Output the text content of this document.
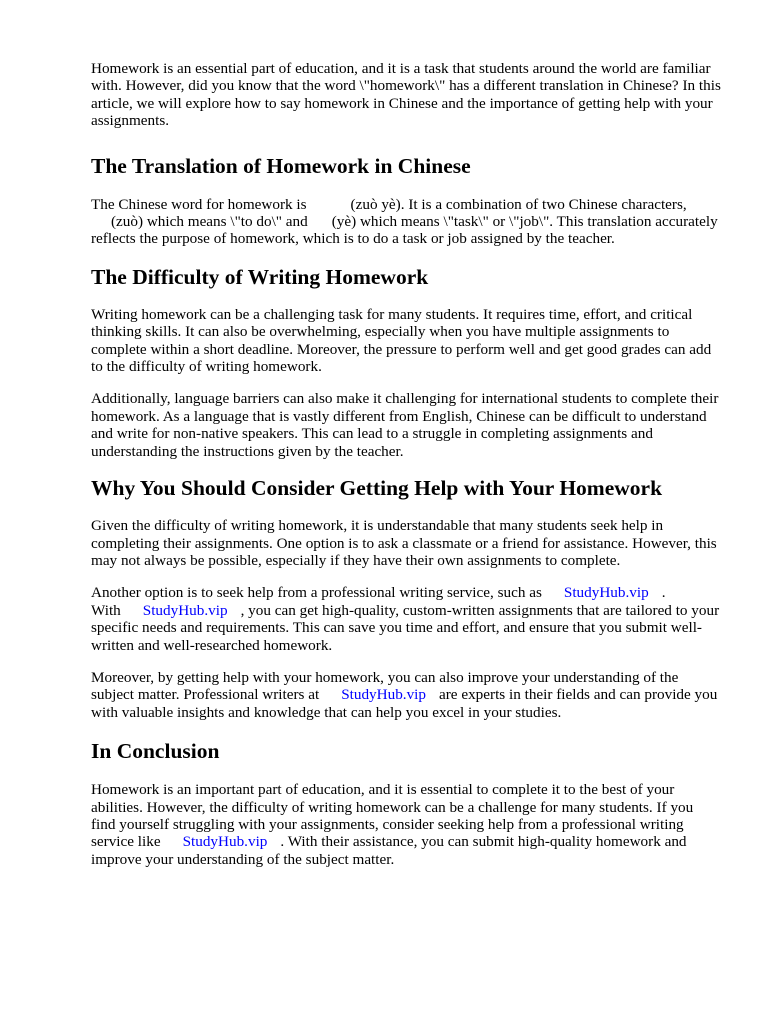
Homework is an essential part of education, and it is a task that students around the world are familiar with. However, did you know that the word \"homework\" has a different translation in Chinese? In this article, we will explore how to say homework in Chinese and the importance of getting help with your assignments.

The Translation of Homework in Chinese

The Chinese word for homework is	(zuò yè). It is a combination of two Chinese characters,
(zuò) which means \"to do\" and (yè) which means \"task\" or \"job\". This translation accurately reflects the purpose of homework, which is to do a task or job assigned by the teacher.

The Difficulty of Writing Homework

Writing homework can be a challenging task for many students. It requires time, effort, and critical thinking skills. It can also be overwhelming, especially when you have multiple assignments to complete within a short deadline. Moreover, the pressure to perform well and get good grades can add to the difficulty of writing homework.

Additionally, language barriers can also make it challenging for international students to complete their homework. As a language that is vastly different from English, Chinese can be difficult to understand and write for non-native speakers. This can lead to a struggle in completing assignments and understanding the instructions given by the teacher.

Why You Should Consider Getting Help with Your Homework

Given the difficulty of writing homework, it is understandable that many students seek help in completing their assignments. One option is to ask a classmate or a friend for assistance. However, this may not always be possible, especially if they have their own assignments to complete.

Another option is to seek help from a professional writing service, such as StudyHub.vip .
With StudyHub.vip , you can get high-quality, custom-written assignments that are tailored to your specific needs and requirements. This can save you time and effort, and ensure that you submit well-written and well-researched homework.

Moreover, by getting help with your homework, you can also improve your understanding of the subject matter. Professional writers at StudyHub.vip are experts in their fields and can provide you with valuable insights and knowledge that can help you excel in your studies.

In Conclusion

Homework is an important part of education, and it is essential to complete it to the best of your abilities. However, the difficulty of writing homework can be a challenge for many students. If you find yourself struggling with your assignments, consider seeking help from a professional writing service like StudyHub.vip . With their assistance, you can submit high-quality homework and improve your understanding of the subject matter.
